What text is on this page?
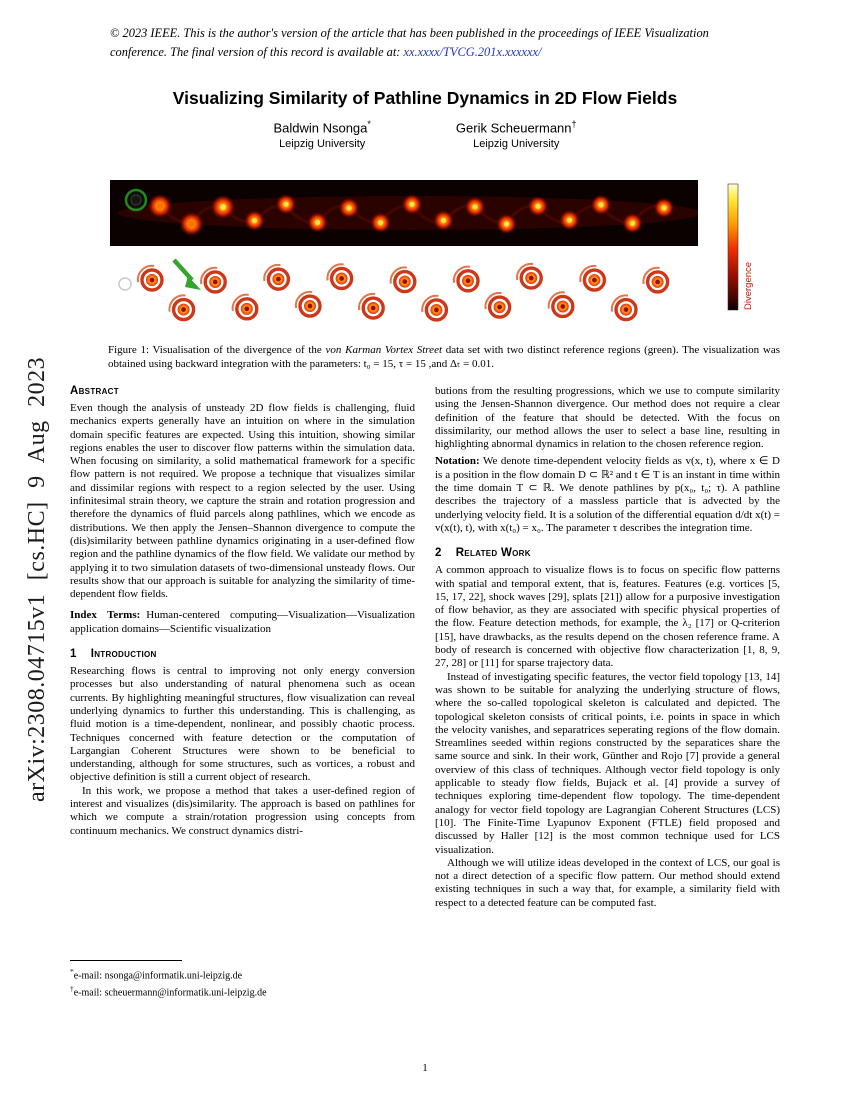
arXiv:2308.04715v1 [cs.HC] 9 Aug 2023
© 2023 IEEE. This is the author's version of the article that has been published in the proceedings of IEEE Visualization conference. The final version of this record is available at: xx.xxxx/TVCG.201x.xxxxxx/
Visualizing Similarity of Pathline Dynamics in 2D Flow Fields
Baldwin Nsonga*
Leipzig University
Gerik Scheuermann†
Leipzig University
Divergence

Figure 1: Visualisation of the divergence of the von Karman Vortex Street data set with two distinct reference regions (green). The visualization was obtained using backward integration with the parameters: t₀ = 15, τ = 15 ,and Δₜ = 0.01.

Abstract

Even though the analysis of unsteady 2D flow fields is challenging, fluid mechanics experts generally have an intuition on where in the simulation domain specific features are expected. Using this intuition, showing similar regions enables the user to discover flow patterns within the simulation data. When focusing on similarity, a solid mathematical framework for a specific flow pattern is not required. We propose a technique that visualizes similar and dissimilar regions with respect to a region selected by the user. Using infinitesimal strain theory, we capture the strain and rotation progression and therefore the dynamics of fluid parcels along pathlines, which we encode as distributions. We then apply the Jensen–Shannon divergence to compute the (dis)similarity between pathline dynamics originating in a user-defined flow region and the pathline dynamics of the flow field. We validate our method by applying it to two simulation datasets of two-dimensional unsteady flows. Our results show that our approach is suitable for analyzing the similarity of time-dependent flow fields.

Index Terms: Human-centered computing—Visualization—Visualization application domains—Scientific visualization

1 Introduction

Researching flows is central to improving not only energy conversion processes but also understanding of natural phenomena such as ocean currents. By highlighting meaningful structures, flow visualization can reveal underlying dynamics to further this understanding. This is challenging, as fluid motion is a time-dependent, nonlinear, and possibly chaotic process. Techniques concerned with feature detection or the computation of Largangian Coherent Structures were shown to be beneficial to understanding, although for some structures, such as vortices, a robust and objective definition is still a current object of research.

In this work, we propose a method that takes a user-defined region of interest and visualizes (dis)similarity. The approach is based on pathlines for which we compute a strain/rotation progression using concepts from continuum mechanics. We construct dynamics distri-

butions from the resulting progressions, which we use to compute similarity using the Jensen-Shannon divergence. Our method does not require a clear definition of the feature that should be detected. With the focus on dissimilarity, our method allows the user to select a base line, resulting in highlighting abnormal dynamics in relation to the chosen reference region.

Notation: We denote time-dependent velocity fields as v(x, t), where x ∈ D is a position in the flow domain D ⊂ ℝ² and t ∈ T is an instant in time within the time domain T ⊂ ℝ. We denote pathlines by p(x₀, t₀; τ). A pathline describes the trajectory of a massless particle that is advected by the underlying velocity field. It is a solution of the differential equation d/dt x(t) = v(x(t), t), with x(t₀) = x₀. The parameter τ describes the integration time.

2 Related Work

A common approach to visualize flows is to focus on specific flow patterns with spatial and temporal extent, that is, features. Features (e.g. vortices [5, 15, 17, 22], shock waves [29], splats [21]) allow for a purposive investigation of flow behavior, as they are associated with specific physical properties of the flow. Feature detection methods, for example, the λ₂ [17] or Q-criterion [15], have drawbacks, as the results depend on the chosen reference frame. A body of research is concerned with objective flow characterization [1, 8, 9, 27, 28] or [11] for sparse trajectory data.

Instead of investigating specific features, the vector field topology [13, 14] was shown to be suitable for analyzing the underlying structure of flows, where the so-called topological skeleton is calculated and depicted. The topological skeleton consists of critical points, i.e. points in space in which the velocity vanishes, and separatrices seperating regions of the flow domain. Streamlines seeded within regions constructed by the separatices share the same source and sink. In their work, Günther and Rojo [7] provide a general overview of this class of techniques. Although vector field topology is only applicable to steady flow fields, Bujack et al. [4] provide a survey of techniques exploring time-dependent flow topology. The time-dependent analogy for vector field topology are Lagrangian Coherent Structures (LCS) [10]. The Finite-Time Lyapunov Exponent (FTLE) field proposed and discussed by Haller [12] is the most common technique used for LCS visualization.

Although we will utilize ideas developed in the context of LCS, our goal is not a direct detection of a specific flow pattern. Our method should extend existing techniques in such a way that, for example, a similarity field with respect to a detected feature can be computed fast.

*e-mail: nsonga@informatik.uni-leipzig.de
†e-mail: scheuermann@informatik.uni-leipzig.de
1
